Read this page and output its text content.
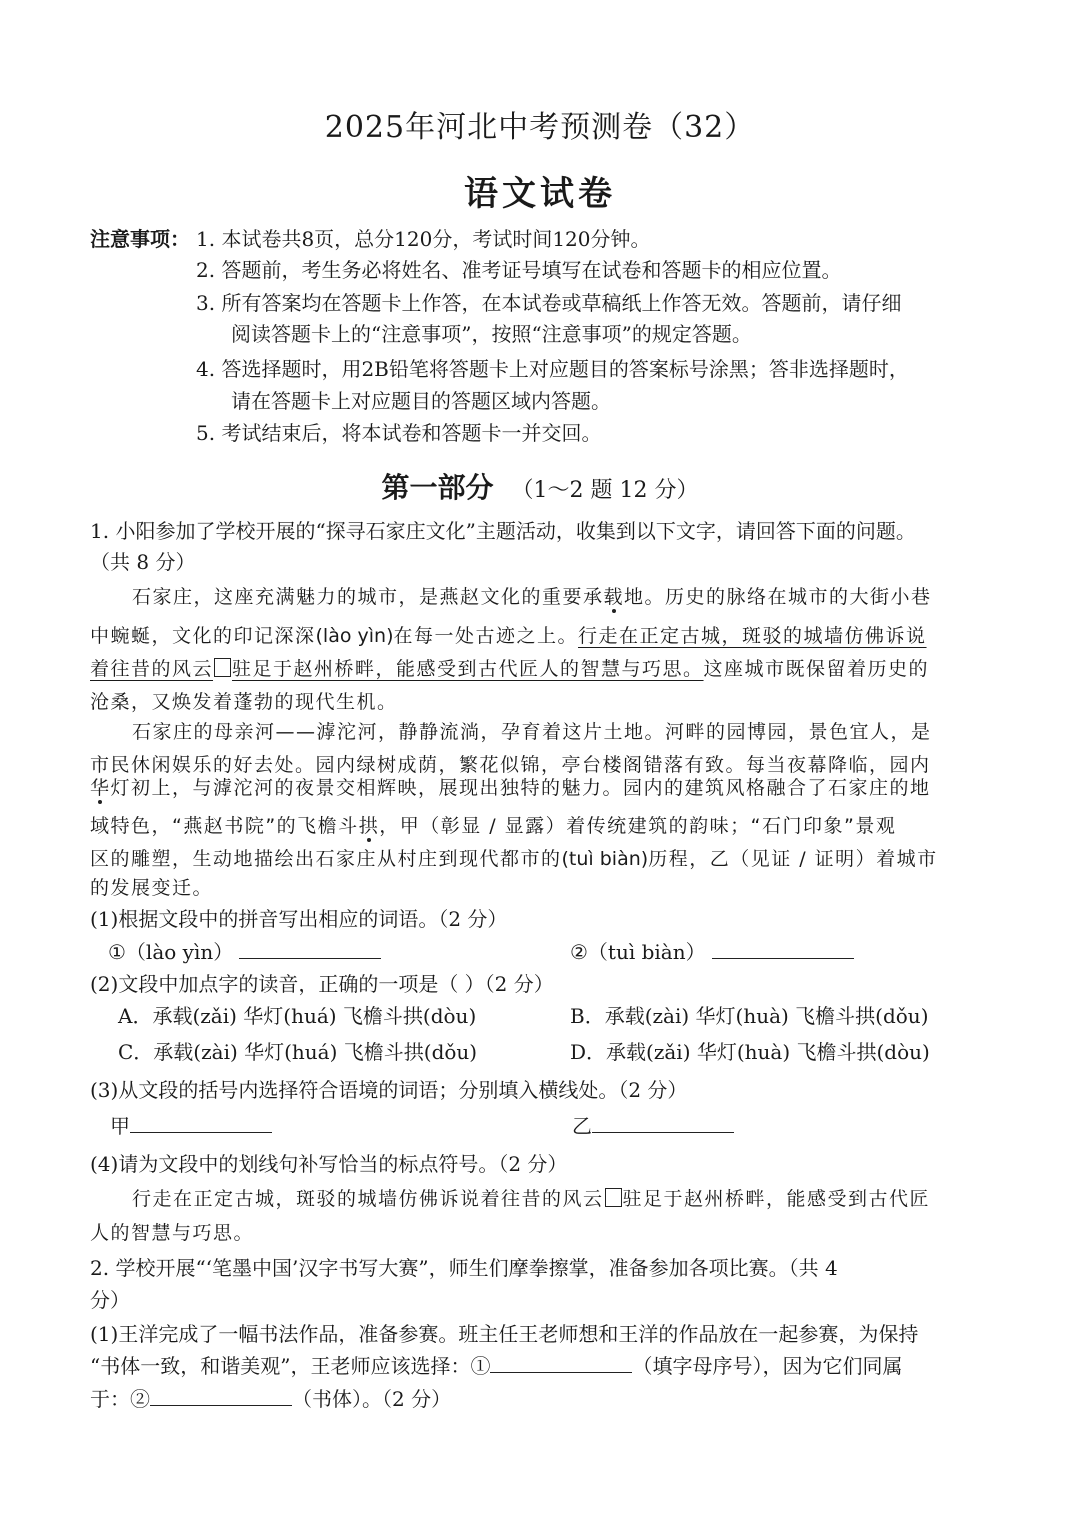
2025年河北中考预测卷（32）
语文试卷
注意事项： 1. 本试卷共8页，总分120分，考试时间120分钟。
2. 答题前，考生务必将姓名、准考证号填写在试卷和答题卡的相应位置。
3. 所有答案均在答题卡上作答，在本试卷或草稿纸上作答无效。答题前，请仔细
阅读答题卡上的“注意事项”，按照“注意事项”的规定答题。
4. 答选择题时，用2B铅笔将答题卡上对应题目的答案标号涂黑；答非选择题时，
请在答题卡上对应题目的答题区域内答题。
5. 考试结束后，将本试卷和答题卡一并交回。
第一部分 （1～2 题 12 分）
1. 小阳参加了学校开展的“探寻石家庄文化”主题活动，收集到以下文字，请回答下面的问题。
（共 8 分）
石家庄，这座充满魅力的城市，是燕赵文化的重要承载地。历史的脉络在城市的大街小巷
中蜿蜒，文化的印记深深(lào yìn)在每一处古迹之上。行走在正定古城，斑驳的城墙仿佛诉说
着往昔的风云 驻足于赵州桥畔，能感受到古代匠人的智慧与巧思。这座城市既保留着历史的
沧桑，又焕发着蓬勃的现代生机。
石家庄的母亲河——滹沱河，静静流淌，孕育着这片土地。河畔的园博园，景色宜人，是
市民休闲娱乐的好去处。园内绿树成荫，繁花似锦，亭台楼阁错落有致。每当夜幕降临，园内
华灯初上，与滹沱河的夜景交相辉映，展现出独特的魅力。园内的建筑风格融合了石家庄的地
域特色，“燕赵书院”的飞檐斗拱，甲（彰显 / 显露）着传统建筑的韵味；“石门印象”景观
区的雕塑，生动地描绘出石家庄从村庄到现代都市的(tuì biàn)历程，乙（见证 / 证明）着城市
的发展变迁。
(1)根据文段中的拼音写出相应的词语。（2 分）
①（lào yìn）	②（tuì biàn）
(2)文段中加点字的读音，正确的一项是（ ）（2 分）
A．承载(zǎi) 华灯(huá) 飞檐斗拱(dòu)	B．承载(zài) 华灯(huà) 飞檐斗拱(dǒu)
C．承载(zài) 华灯(huá) 飞檐斗拱(dǒu)	D．承载(zǎi) 华灯(huà) 飞檐斗拱(dòu)
(3)从文段的括号内选择符合语境的词语；分别填入横线处。（2 分）
甲	乙
(4)请为文段中的划线句补写恰当的标点符号。（2 分）
行走在正定古城，斑驳的城墙仿佛诉说着往昔的风云 驻足于赵州桥畔，能感受到古代匠
人的智慧与巧思。
2. 学校开展“‘笔墨中国’汉字书写大赛”，师生们摩拳擦掌，准备参加各项比赛。（共 4
分）
(1)王洋完成了一幅书法作品，准备参赛。班主任王老师想和王洋的作品放在一起参赛，为保持
“书体一致，和谐美观”，王老师应该选择：①	（填字母序号），因为它们同属
于：②	（书体）。（2 分）
